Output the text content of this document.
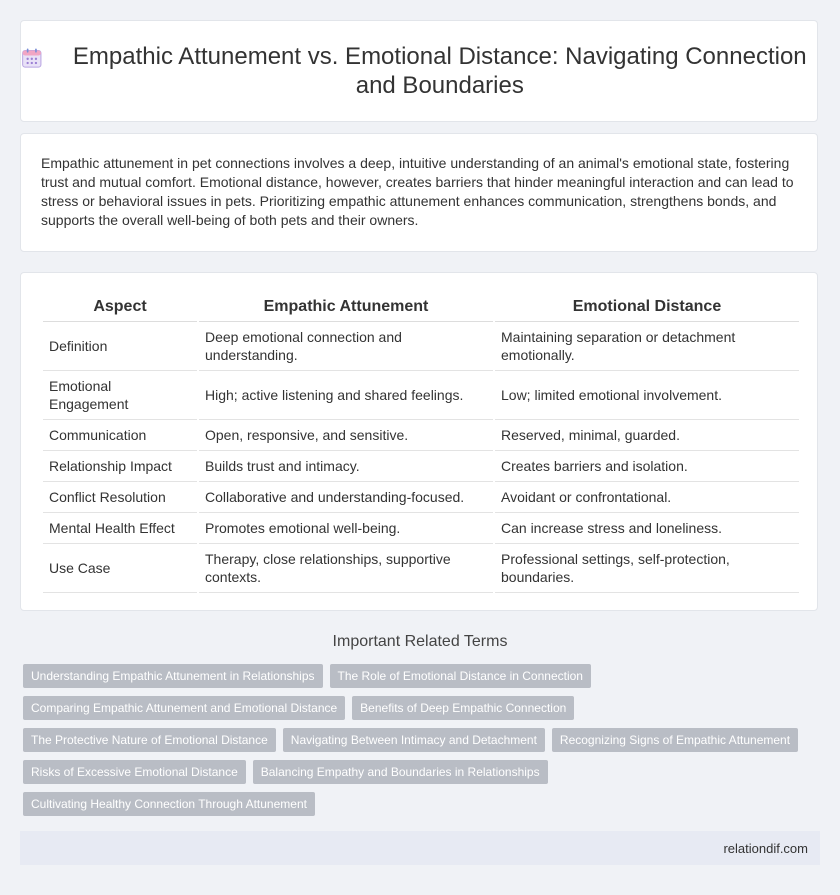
Empathic Attunement vs. Emotional Distance: Navigating Connection and Boundaries

Empathic attunement in pet connections involves a deep, intuitive understanding of an animal's emotional state, fostering trust and mutual comfort. Emotional distance, however, creates barriers that hinder meaningful interaction and can lead to stress or behavioral issues in pets. Prioritizing empathic attunement enhances communication, strengthens bonds, and supports the overall well-being of both pets and their owners.

Aspect	Empathic Attunement	Emotional Distance
Definition	Deep emotional connection and understanding.	Maintaining separation or detachment emotionally.
Emotional Engagement	High; active listening and shared feelings.	Low; limited emotional involvement.
Communication	Open, responsive, and sensitive.	Reserved, minimal, guarded.
Relationship Impact	Builds trust and intimacy.	Creates barriers and isolation.
Conflict Resolution	Collaborative and understanding-focused.	Avoidant or confrontational.
Mental Health Effect	Promotes emotional well-being.	Can increase stress and loneliness.
Use Case	Therapy, close relationships, supportive contexts.	Professional settings, self-protection, boundaries.
Important Related Terms
Understanding Empathic Attunement in Relationships	The Role of Emotional Distance in Connection
Comparing Empathic Attunement and Emotional Distance	Benefits of Deep Empathic Connection
The Protective Nature of Emotional Distance	Navigating Between Intimacy and Detachment	Recognizing Signs of Empathic Attunement
Risks of Excessive Emotional Distance	Balancing Empathy and Boundaries in Relationships
Cultivating Healthy Connection Through Attunement
relationdif.com
